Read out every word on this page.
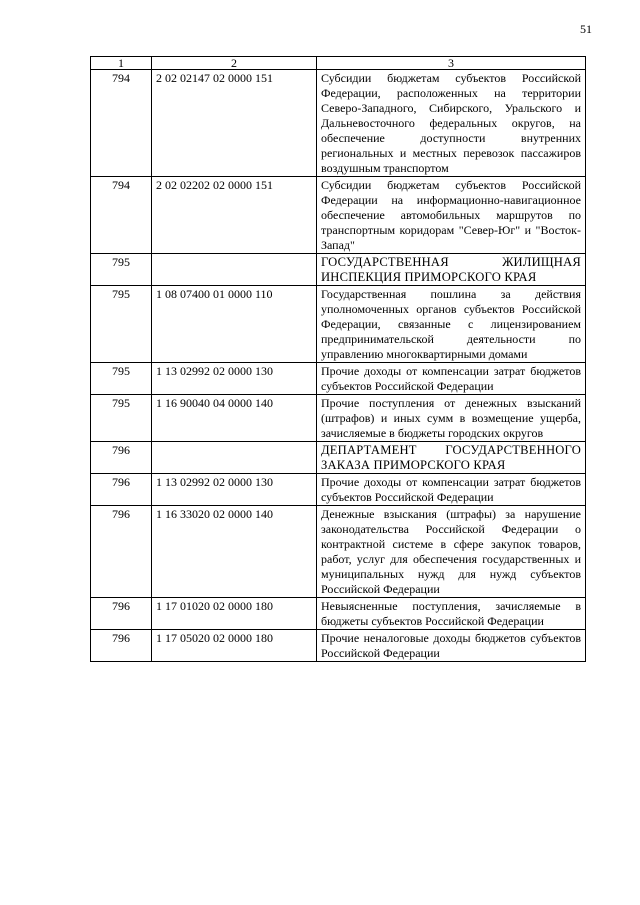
51
1	2	3
794	2 02 02147 02 0000 151	Субсидии бюджетам субъектов Российской Федерации, расположенных на территории Северо-Западного, Сибирского, Уральского и Дальневосточного федеральных округов, на обеспечение доступности внутренних региональных и местных перевозок пассажиров воздушным транспортом
794	2 02 02202 02 0000 151	Субсидии бюджетам субъектов Российской Федерации на информационно-навигационное обеспечение автомобильных маршрутов по транспортным коридорам "Север-Юг" и "Восток-Запад"
795		ГОСУДАРСТВЕННАЯ ЖИЛИЩНАЯ ИНСПЕКЦИЯ ПРИМОРСКОГО КРАЯ
795	1 08 07400 01 0000 110	Государственная пошлина за действия уполномоченных органов субъектов Российской Федерации, связанные с лицензированием предпринимательской деятельности по управлению многоквартирными домами
795	1 13 02992 02 0000 130	Прочие доходы от компенсации затрат бюджетов субъектов Российской Федерации
795	1 16 90040 04 0000 140	Прочие поступления от денежных взысканий (штрафов) и иных сумм в возмещение ущерба, зачисляемые в бюджеты городских округов
796		ДЕПАРТАМЕНТ ГОСУДАРСТВЕННОГО ЗАКАЗА ПРИМОРСКОГО КРАЯ
796	1 13 02992 02 0000 130	Прочие доходы от компенсации затрат бюджетов субъектов Российской Федерации
796	1 16 33020 02 0000 140	Денежные взыскания (штрафы) за нарушение законодательства Российской Федерации о контрактной системе в сфере закупок товаров, работ, услуг для обеспечения государственных и муниципальных нужд для нужд субъектов Российской Федерации
796	1 17 01020 02 0000 180	Невыясненные поступления, зачисляемые в бюджеты субъектов Российской Федерации
796	1 17 05020 02 0000 180	Прочие неналоговые доходы бюджетов субъектов Российской Федерации
